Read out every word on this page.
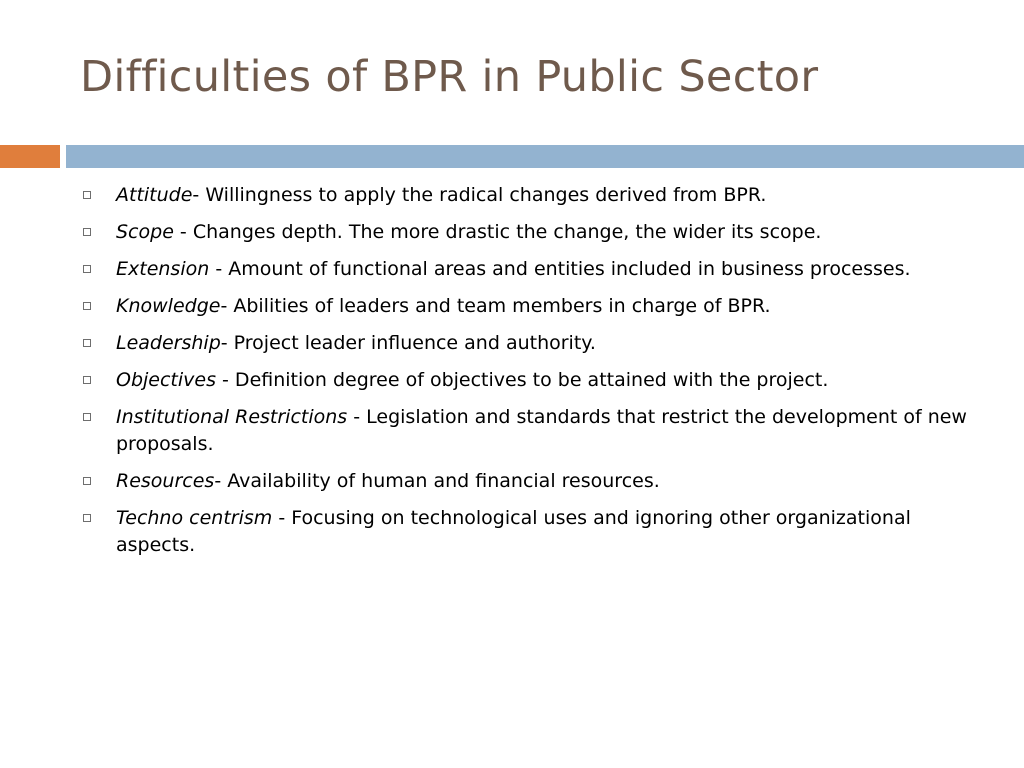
Difficulties of BPR in Public Sector
Attitude- Willingness to apply the radical changes derived from BPR.
Scope - Changes depth. The more drastic the change, the wider its scope.
Extension - Amount of functional areas and entities included in business processes.
Knowledge- Abilities of leaders and team members in charge of BPR.
Leadership- Project leader influence and authority.
Objectives - Definition degree of objectives to be attained with the project.
Institutional Restrictions - Legislation and standards that restrict the development of new proposals.
Resources- Availability of human and financial resources.
Techno centrism - Focusing on technological uses and ignoring other organizational aspects.
